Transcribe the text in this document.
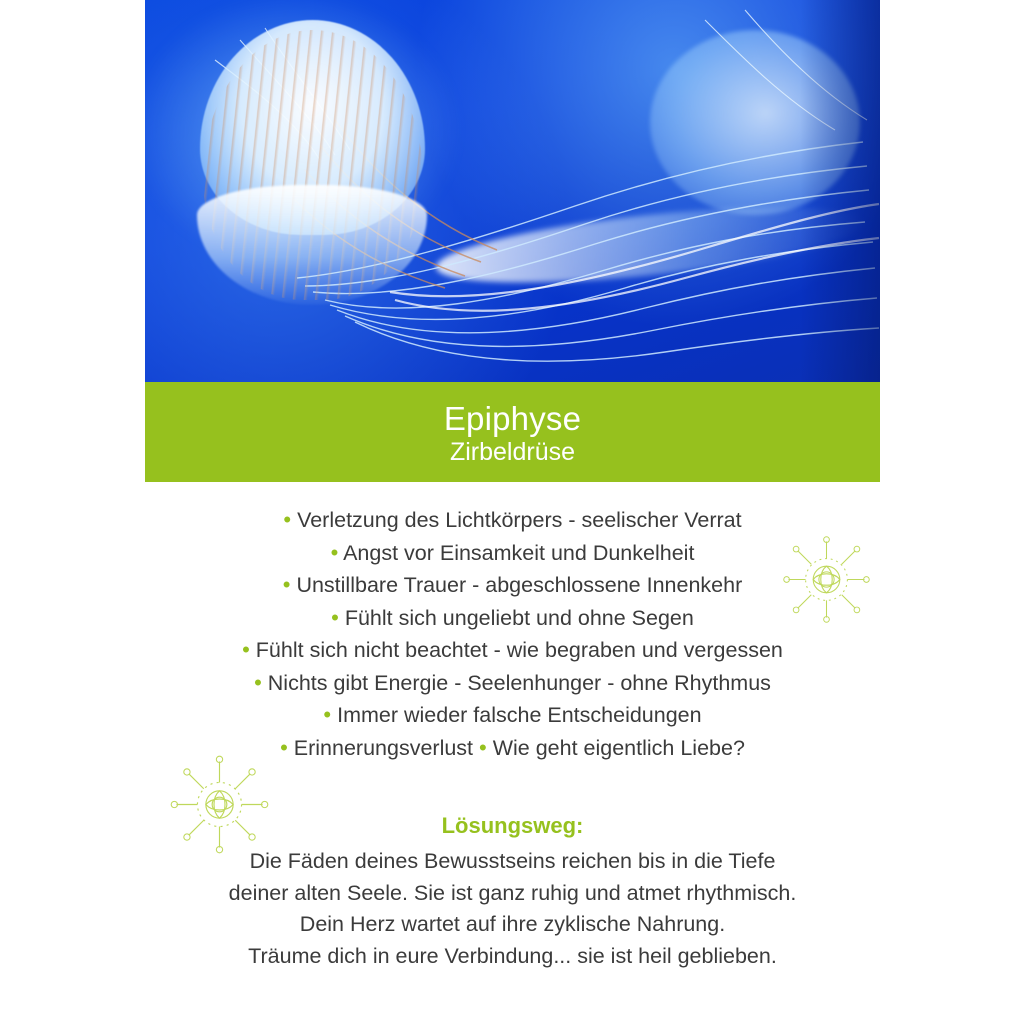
Epiphyse
Zirbeldrüse
• Verletzung des Lichtkörpers - seelischer Verrat
• Angst vor Einsamkeit und Dunkelheit
• Unstillbare Trauer - abgeschlossene Innenkehr
• Fühlt sich ungeliebt und ohne Segen
• Fühlt sich nicht beachtet - wie begraben und vergessen
• Nichts gibt Energie - Seelenhunger - ohne Rhythmus
• Immer wieder falsche Entscheidungen
• Erinnerungsverlust • Wie geht eigentlich Liebe?
Lösungsweg:
Die Fäden deines Bewusstseins reichen bis in die Tiefe
deiner alten Seele. Sie ist ganz ruhig und atmet rhythmisch.
Dein Herz wartet auf ihre zyklische Nahrung.
Träume dich in eure Verbindung... sie ist heil geblieben.
